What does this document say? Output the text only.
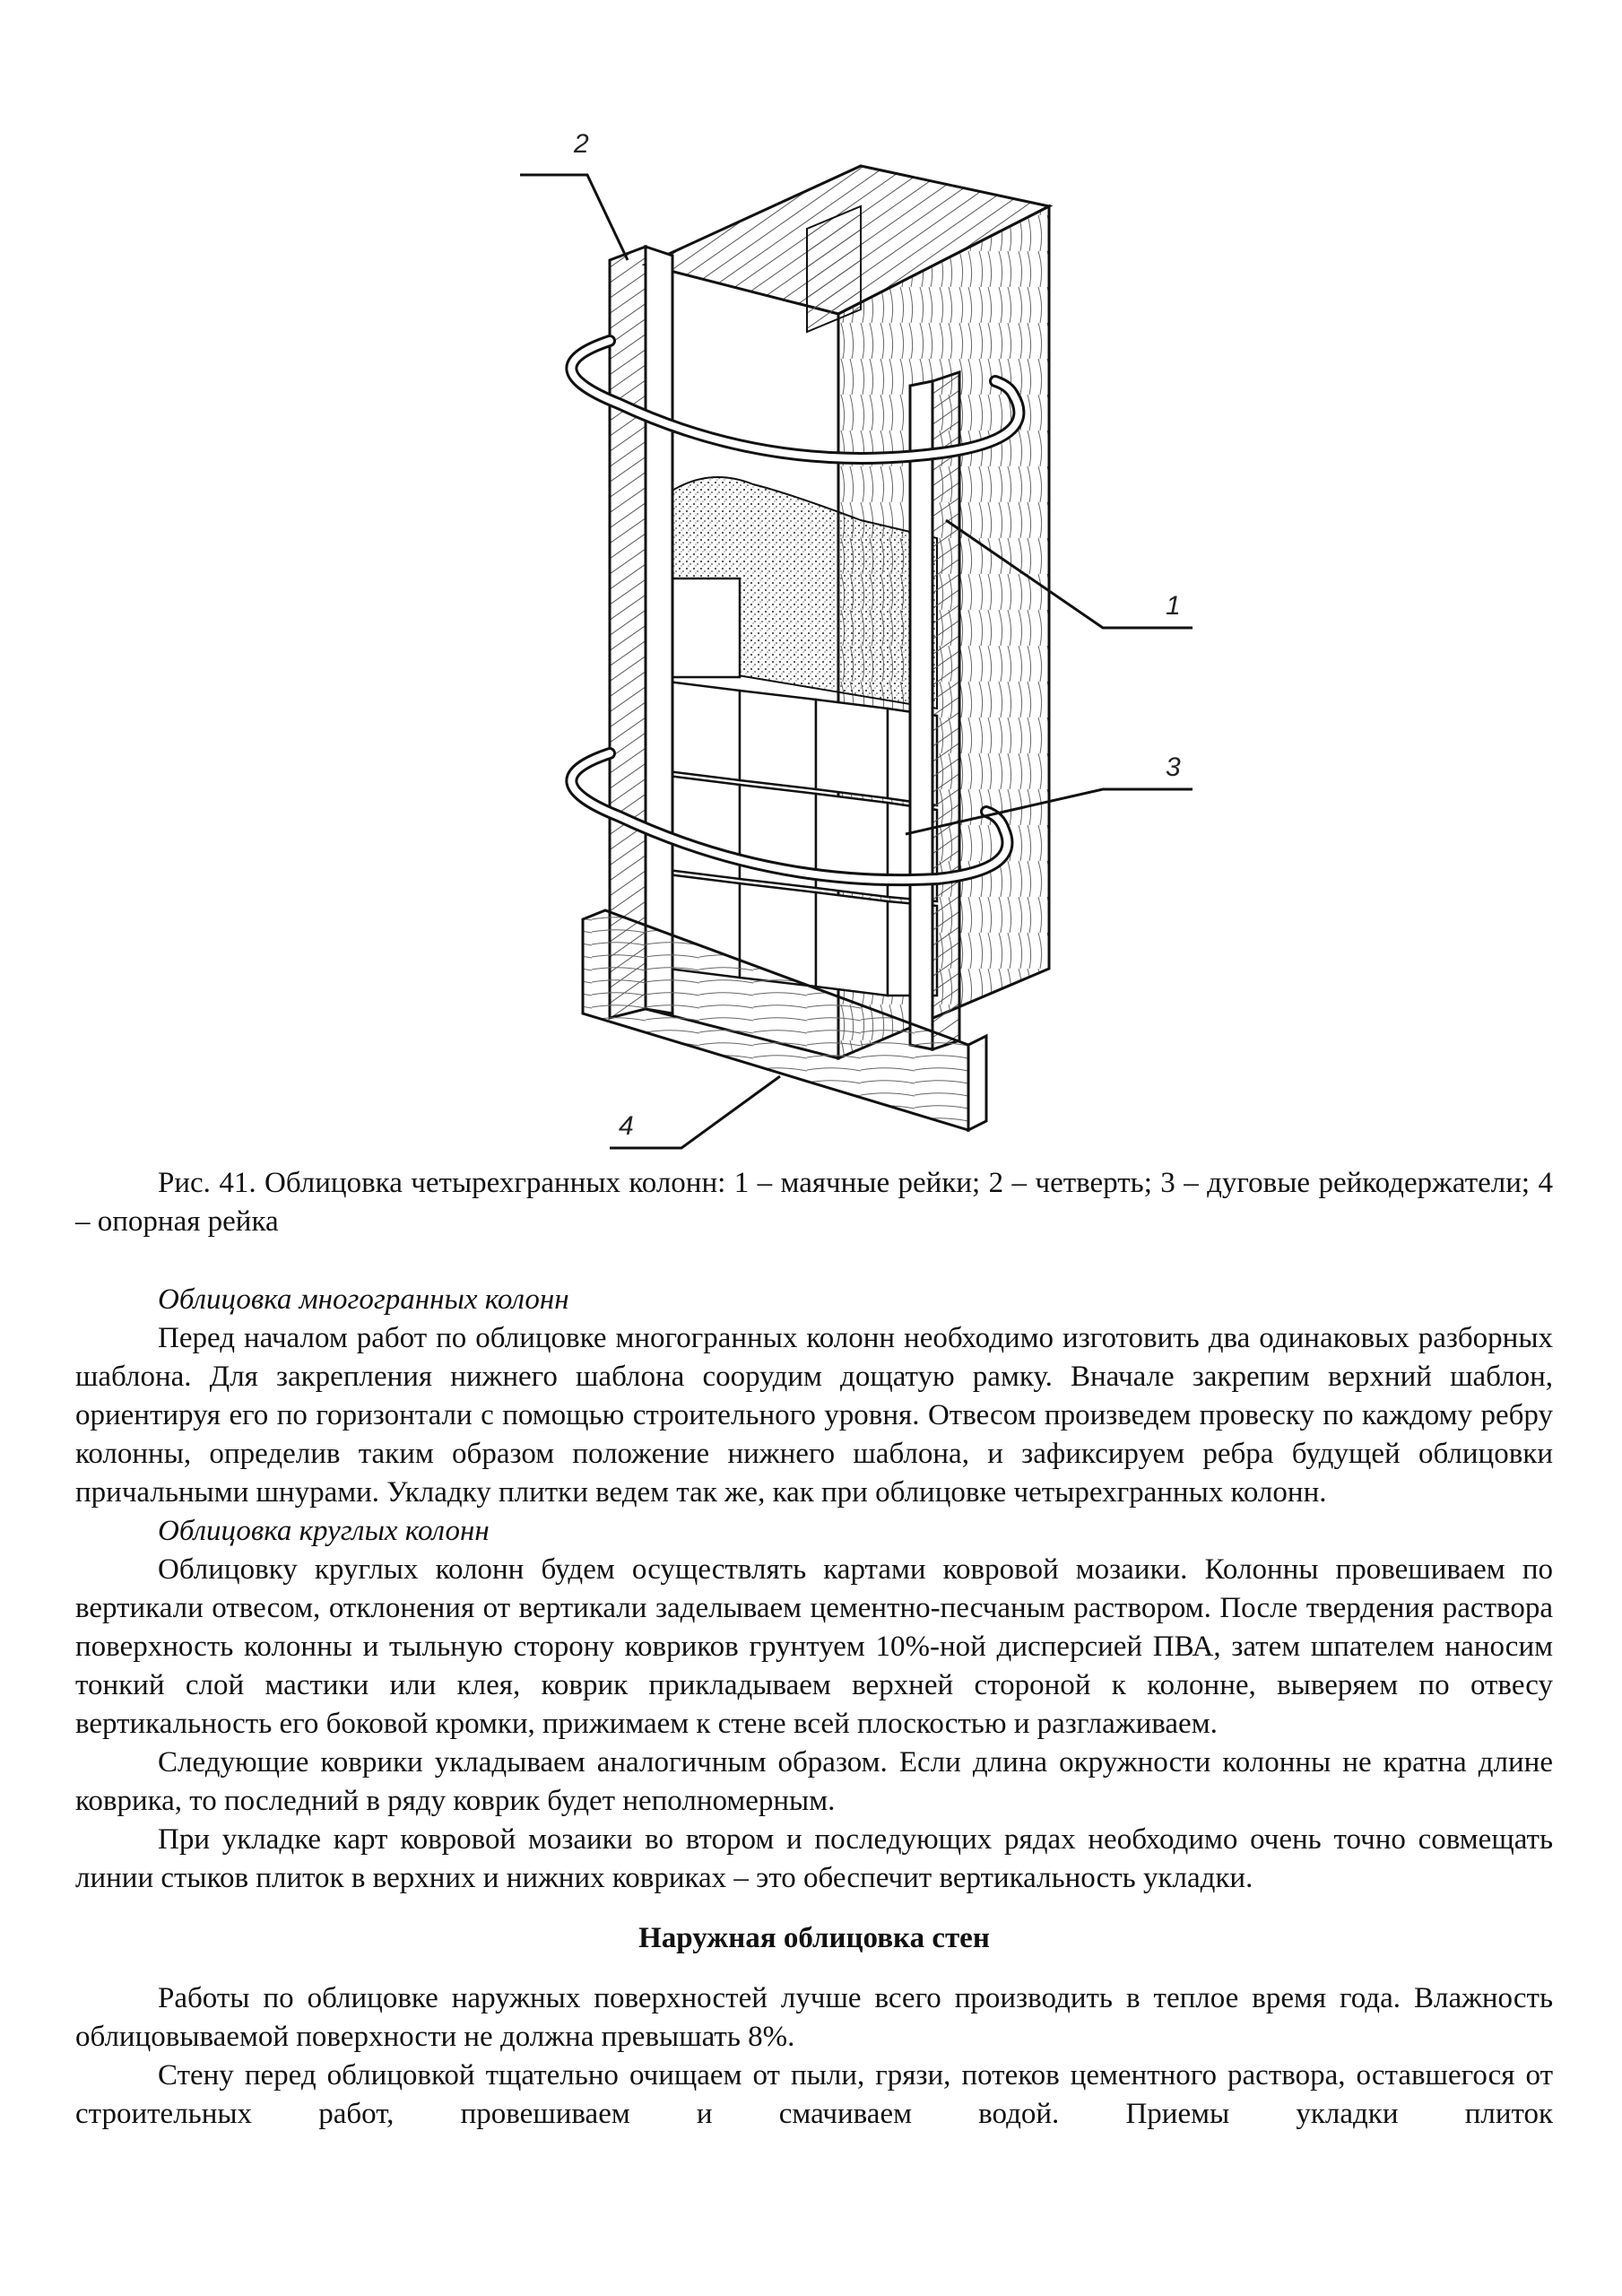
2
1
3
4

Рис. 41. Облицовка четырехгранных колонн: 1 – маячные рейки; 2 – четверть; 3 – дуговые рейкодержатели; 4 – опорная рейка

Облицовка многогранных колонн

Перед началом работ по облицовке многогранных колонн необходимо изготовить два одинаковых разборных шаблона. Для закрепления нижнего шаблона соорудим дощатую рамку. Вначале закрепим верхний шаблон, ориентируя его по горизонтали с помощью строительного уровня. Отвесом произведем провеску по каждому ребру колонны, определив таким образом положение нижнего шаблона, и зафиксируем ребра будущей облицовки причальными шнурами. Укладку плитки ведем так же, как при облицовке четырехгранных колонн.

Облицовка круглых колонн

Облицовку круглых колонн будем осуществлять картами ковровой мозаики. Колонны провешиваем по вертикали отвесом, отклонения от вертикали заделываем цементно-песчаным раствором. После твердения раствора поверхность колонны и тыльную сторону ковриков грунтуем 10%-ной дисперсией ПВА, затем шпателем наносим тонкий слой мастики или клея, коврик прикладываем верхней стороной к колонне, выверяем по отвесу вертикальность его боковой кромки, прижимаем к стене всей плоскостью и разглаживаем.

Следующие коврики укладываем аналогичным образом. Если длина окружности колонны не кратна длине коврика, то последний в ряду коврик будет неполномерным.

При укладке карт ковровой мозаики во втором и последующих рядах необходимо очень точно совмещать линии стыков плиток в верхних и нижних ковриках – это обеспечит вертикальность укладки.

Наружная облицовка стен

Работы по облицовке наружных поверхностей лучше всего производить в теплое время года. Влажность облицовываемой поверхности не должна превышать 8%.

Стену перед облицовкой тщательно очищаем от пыли, грязи, потеков цементного раствора, оставшегося от строительных работ, провешиваем и смачиваем водой. Приемы укладки плиток
